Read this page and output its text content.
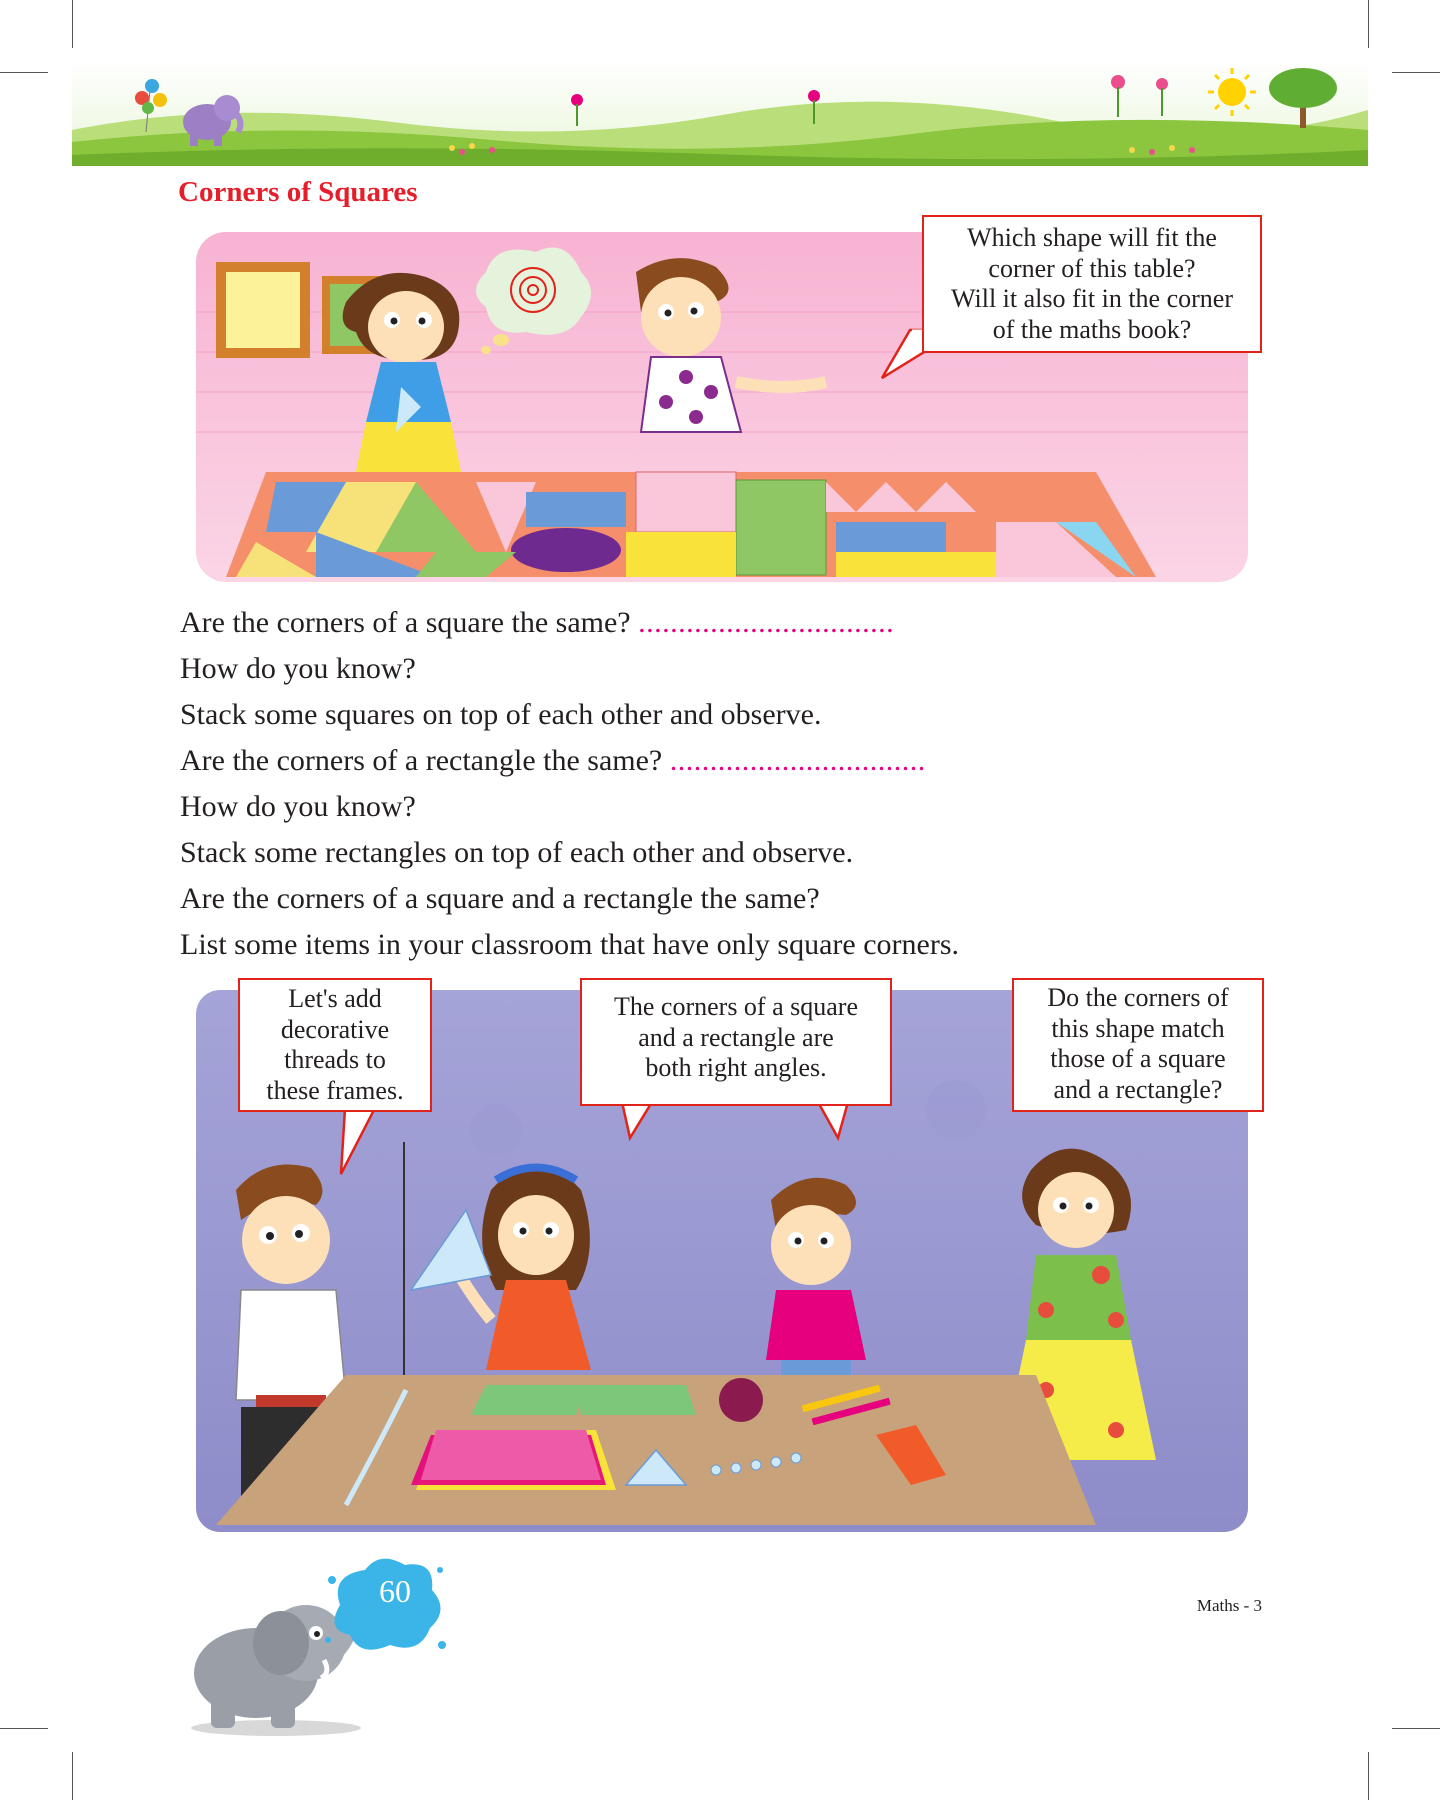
Corners of Squares
Which shape will fit the
corner of this table?
Will it also fit in the corner
of the maths book?
Are the corners of a square the same? ................................
How do you know?
Stack some squares on top of each other and observe.
Are the corners of a rectangle the same? ................................
How do you know?
Stack some rectangles on top of each other and observe.
Are the corners of a square and a rectangle the same?
List some items in your classroom that have only square corners.
Let's add
decorative
threads to
these frames.
The corners of a square
and a rectangle are
both right angles.
Do the corners of
this shape match
those of a square
and a rectangle?
60	Maths - 3
